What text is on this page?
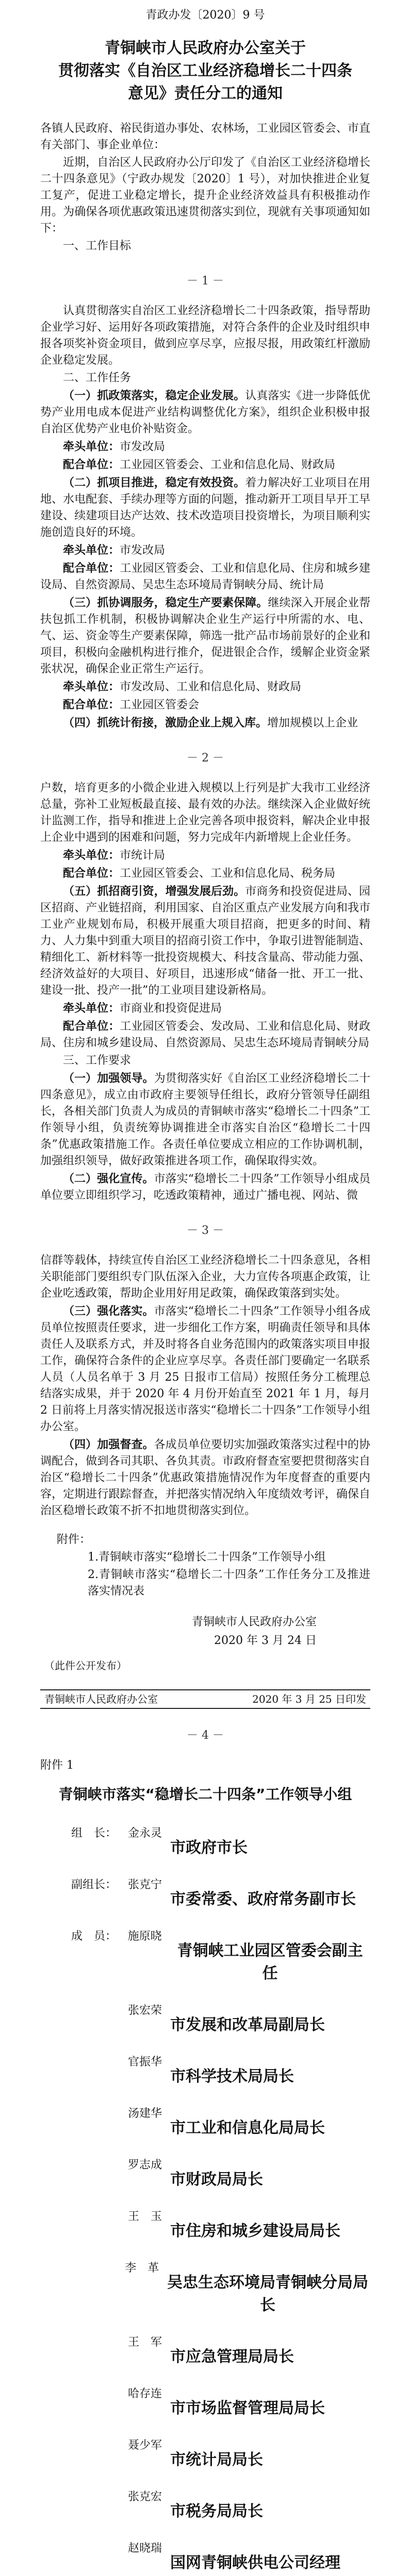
青政办发〔2020〕9 号
青铜峡市人民政府办公室关于
贯彻落实《自治区工业经济稳增长二十四条
意见》责任分工的通知

各镇人民政府、裕民街道办事处、农林场，工业园区管委会、市直有关部门、事企业单位：

近期，自治区人民政府办公厅印发了《自治区工业经济稳增长二十四条意见》（宁政办规发〔2020〕1 号），对加快推进企业复工复产，促进工业稳定增长，提升企业经济效益具有积极推动作用。为确保各项优惠政策迅速贯彻落实到位，现就有关事项通知如下：

一、工作目标

－ 1 －

认真贯彻落实自治区工业经济稳增长二十四条政策，指导帮助企业学习好、运用好各项政策措施，对符合条件的企业及时组织申报各项奖补资金项目，做到应享尽享，应报尽报，用政策红杆激励企业稳定发展。

二、工作任务

（一）抓政策落实，稳定企业发展。认真落实《进一步降低优势产业用电成本促进产业结构调整优化方案》，组织企业积极申报自治区优势产业电价补贴资金。

牵头单位：市发改局

配合单位：工业园区管委会、工业和信息化局、财政局

（二）抓项目推进，稳定有效投资。着力解决好工业项目在用地、水电配套、手续办理等方面的问题，推动新开工项目早开工早建设、续建项目达产达效、技术改造项目投资增长，为项目顺利实施创造良好的环境。

牵头单位：市发改局

配合单位：工业园区管委会、工业和信息化局、住房和城乡建设局、自然资源局、吴忠生态环境局青铜峡分局、统计局

（三）抓协调服务，稳定生产要素保障。继续深入开展企业帮扶包抓工作机制，积极协调解决企业生产运行中所需的水、电、气、运、资金等生产要素保障，筛选一批产品市场前景好的企业和项目，积极向金融机构进行推介，促进银企合作，缓解企业资金紧张状况，确保企业正常生产运行。

牵头单位：市发改局、工业和信息化局、财政局

配合单位：工业园区管委会

（四）抓统计衔接，激励企业上规入库。增加规模以上企业

－ 2 －

户数，培育更多的小微企业进入规模以上行列是扩大我市工业经济总量，弥补工业短板最直接、最有效的办法。继续深入企业做好统计监测工作，指导和推进上企业完善各项申报资料，解决企业申报上企业中遇到的困难和问题，努力完成年内新增规上企业任务。

牵头单位：市统计局

配合单位：工业园区管委会、工业和信息化局、税务局

（五）抓招商引资，增强发展后劲。市商务和投资促进局、园区招商、产业链招商，利用国家、自治区重点产业发展方向和我市工业产业规划布局，积极开展重大项目招商，把更多的时间、精力、人力集中到重大项目的招商引资工作中，争取引进智能制造、精细化工、新材料等一批投资规模大、科技含量高、带动能力强、经济效益好的大项目、好项目，迅速形成“储备一批、开工一批、建设一批、投产一批”的工业项目建设新格局。

牵头单位：市商业和投资促进局

配合单位：工业园区管委会、发改局、工业和信息化局、财政局、住房和城乡建设局、自然资源局、吴忠生态环境局青铜峡分局

三、工作要求

（一）加强领导。为贯彻落实好《自治区工业经济稳增长二十四条意见》，成立由市政府主要领导任组长，政府分管领导任副组长，各相关部门负责人为成员的青铜峡市落实“稳增长二十四条”工作领导小组，负责统筹协调推进全市落实自治区“稳增长二十四条”优惠政策措施工作。各责任单位要成立相应的工作协调机制，加强组织领导，做好政策推进各项工作，确保取得实效。

（二）强化宣传。市落实“稳增长二十四条”工作领导小组成员单位要立即组织学习，吃透政策精神，通过广播电视、网站、微

－ 3 －

信群等载体，持续宣传自治区工业经济稳增长二十四条意见，各相关职能部门要组织专门队伍深入企业，大力宣传各项惠企政策，让企业吃透政策，帮助企业用好用足政策，确保政策落到实处。

（三）强化落实。市落实“稳增长二十四条”工作领导小组各成员单位按照责任要求，进一步细化工作方案，明确责任领导和具体责任人及联系方式，并及时将各自业务范围内的政策落实项目申报工作，确保符合条件的企业应享尽享。各责任部门要确定一名联系人员（人员名单于 3 月 25 日报市工信局）按照任务分工梳理总结落实成果，并于 2020 年 4 月份开始直至 2021 年 1 月，每月 2 日前将上月落实情况报送市落实“稳增长二十四条”工作领导小组办公室。

（四）加强督查。各成员单位要切实加强政策落实过程中的协调配合，做到各司其职、各负其责。市政府督查室要把贯彻落实自治区“稳增长二十四条”优惠政策措施情况作为年度督查的重要内容，定期进行跟踪督查，并把落实情况纳入年度绩效考评，确保自治区稳增长政策不折不扣地贯彻落实到位。

附件：

1.青铜峡市落实“稳增长二十四条”工作领导小组

2.青铜峡市落实“稳增长二十四条”工作任务分工及推进落实情况表

青铜峡市人民政府办公室
2020 年 3 月 24 日
（此件公开发布）
青铜峡市人民政府办公室	2020 年 3 月 25 日印发
－ 4 －
附件 1
青铜峡市落实“稳增长二十四条”工作领导小组
组　长： 金永灵
市政府市长
副组长： 张克宁
市委常委、政府常务副市长
成　员： 施原晓
青铜峡工业园区管委会副主任
张宏荣
市发展和改革局副局长
官振华
市科学技术局局长
汤建华
市工业和信息化局局长
罗志成
市财政局局长
王　玉
市住房和城乡建设局局长
李　革
吴忠生态环境局青铜峡分局局长
王　军
市应急管理局局长
哈存连
市市场监督管理局局长
聂少军
市统计局局长
张克宏
市税务局局长
赵晓瑞
国网青铜峡供电公司经理
